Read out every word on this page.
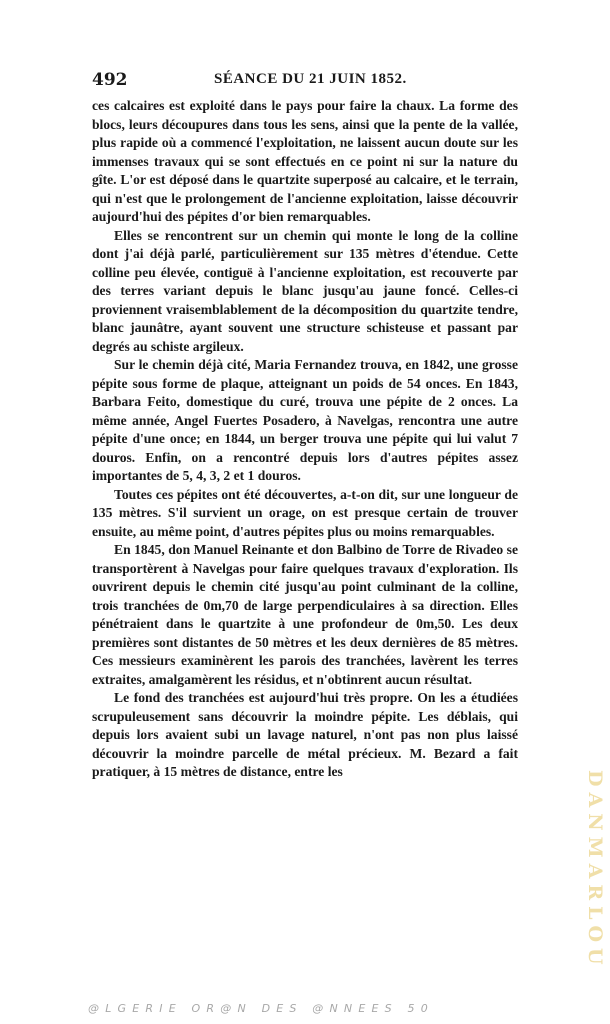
492	SÉANCE DU 21 JUIN 1852.

ces calcaires est exploité dans le pays pour faire la chaux. La forme des blocs, leurs découpures dans tous les sens, ainsi que la pente de la vallée, plus rapide où a commencé l'exploitation, ne laissent aucun doute sur les immenses travaux qui se sont effectués en ce point ni sur la nature du gîte. L'or est déposé dans le quartzite superposé au calcaire, et le terrain, qui n'est que le prolongement de l'ancienne exploitation, laisse découvrir aujourd'hui des pépites d'or bien remarquables.

Elles se rencontrent sur un chemin qui monte le long de la colline dont j'ai déjà parlé, particulièrement sur 135 mètres d'étendue. Cette colline peu élevée, contiguë à l'ancienne exploitation, est recouverte par des terres variant depuis le blanc jusqu'au jaune foncé. Celles-ci proviennent vraisemblablement de la décomposition du quartzite tendre, blanc jaunâtre, ayant souvent une structure schisteuse et passant par degrés au schiste argileux.

Sur le chemin déjà cité, Maria Fernandez trouva, en 1842, une grosse pépite sous forme de plaque, atteignant un poids de 54 onces. En 1843, Barbara Feito, domestique du curé, trouva une pépite de 2 onces. La même année, Angel Fuertes Posadero, à Navelgas, rencontra une autre pépite d'une once; en 1844, un berger trouva une pépite qui lui valut 7 douros. Enfin, on a rencontré depuis lors d'autres pépites assez importantes de 5, 4, 3, 2 et 1 douros.

Toutes ces pépites ont été découvertes, a-t-on dit, sur une longueur de 135 mètres. S'il survient un orage, on est presque certain de trouver ensuite, au même point, d'autres pépites plus ou moins remarquables.

En 1845, don Manuel Reinante et don Balbino de Torre de Rivadeo se transportèrent à Navelgas pour faire quelques travaux d'exploration. Ils ouvrirent depuis le chemin cité jusqu'au point culminant de la colline, trois tranchées de 0m,70 de large perpendiculaires à sa direction. Elles pénétraient dans le quartzite à une profondeur de 0m,50. Les deux premières sont distantes de 50 mètres et les deux dernières de 85 mètres. Ces messieurs examinèrent les parois des tranchées, lavèrent les terres extraites, amalgamèrent les résidus, et n'obtinrent aucun résultat.

Le fond des tranchées est aujourd'hui très propre. On les a étudiées scrupuleusement sans découvrir la moindre pépite. Les déblais, qui depuis lors avaient subi un lavage naturel, n'ont pas non plus laissé découvrir la moindre parcelle de métal précieux. M. Bezard a fait pratiquer, à 15 mètres de distance, entre les	DANMARLOU
@LGERIE OR@N DES @NNEES 50
